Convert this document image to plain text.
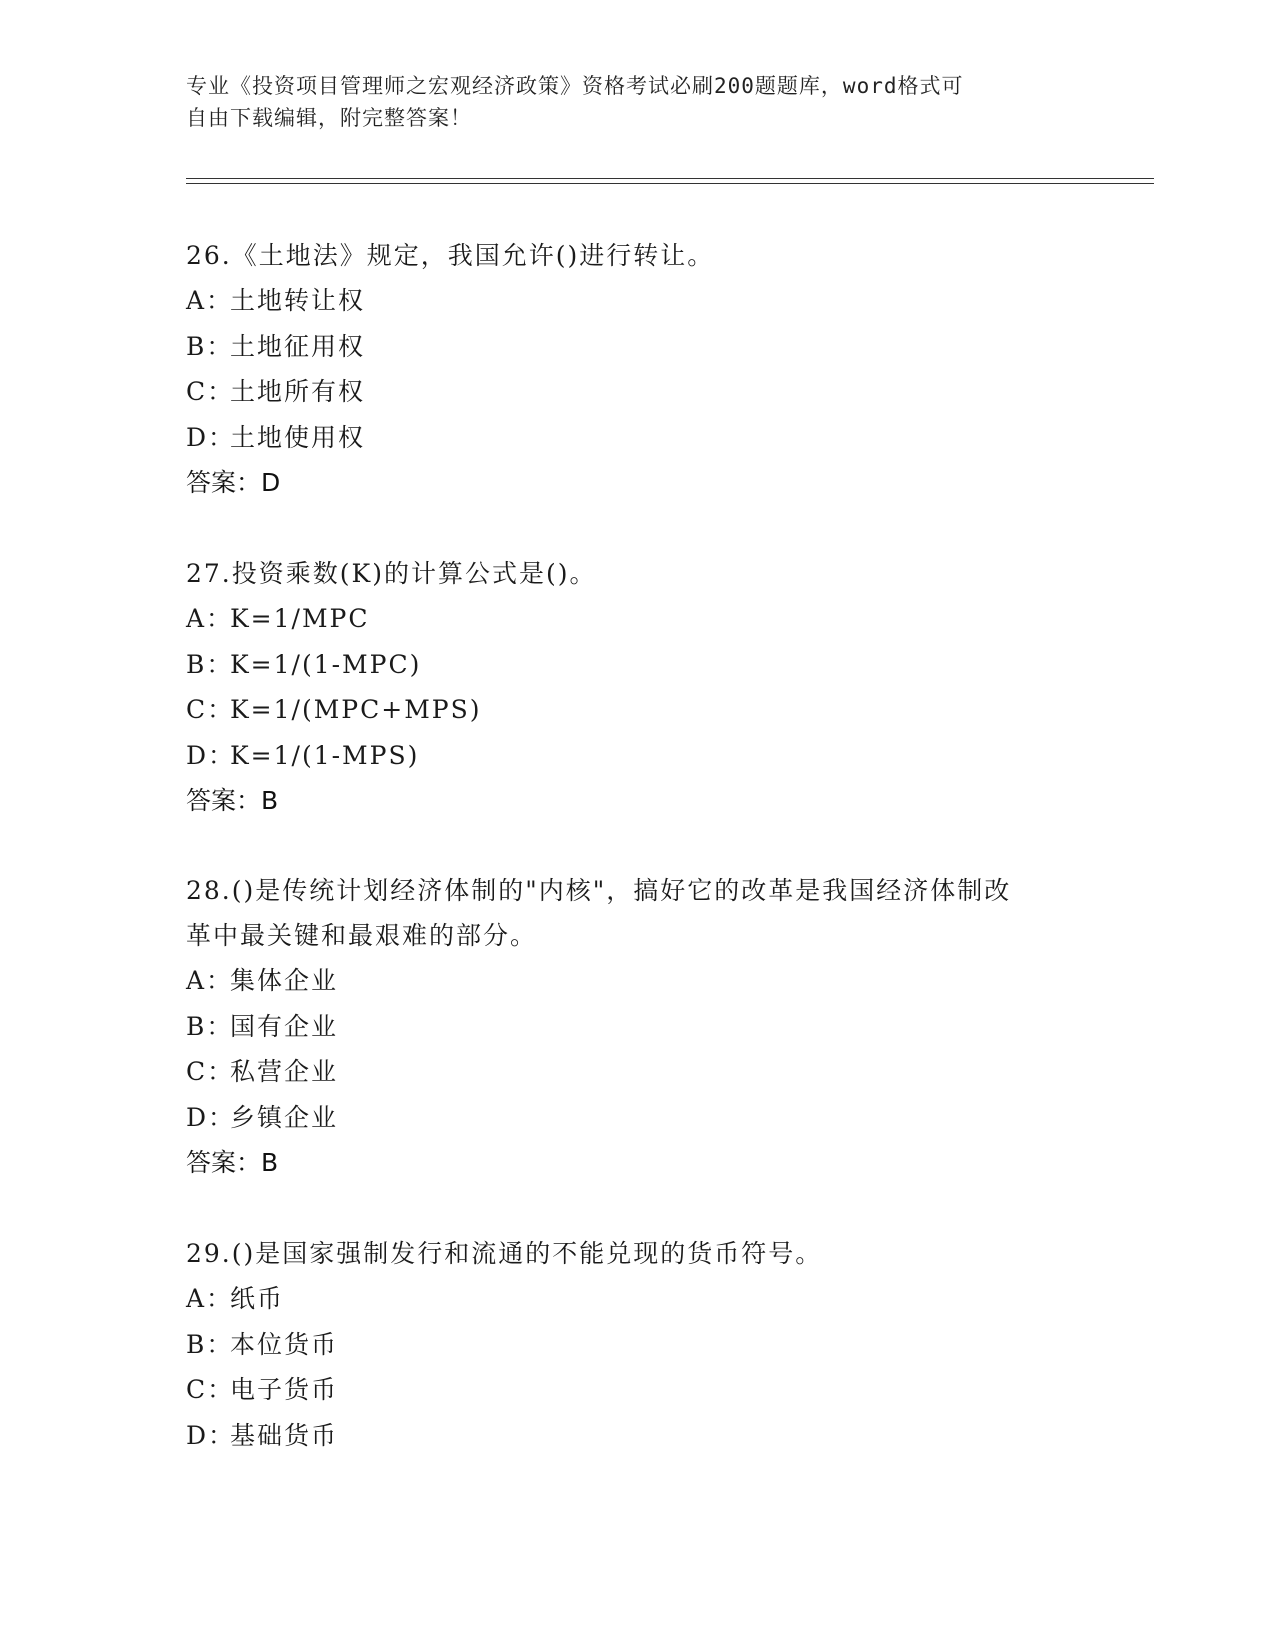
专业《投资项目管理师之宏观经济政策》资格考试必刷200题题库，word格式可
自由下载编辑，附完整答案！

26.《土地法》规定，我国允许()进行转让。

A：土地转让权

B：土地征用权

C：土地所有权

D：土地使用权

答案：D

27.投资乘数(K)的计算公式是()。

A：K=1/MPC

B：K=1/(1-MPC)

C：K=1/(MPC+MPS)

D：K=1/(1-MPS)

答案：B

28.()是传统计划经济体制的"内核"，搞好它的改革是我国经济体制改

革中最关键和最艰难的部分。

A：集体企业

B：国有企业

C：私营企业

D：乡镇企业

答案：B

29.()是国家强制发行和流通的不能兑现的货币符号。

A：纸币

B：本位货币

C：电子货币

D：基础货币
